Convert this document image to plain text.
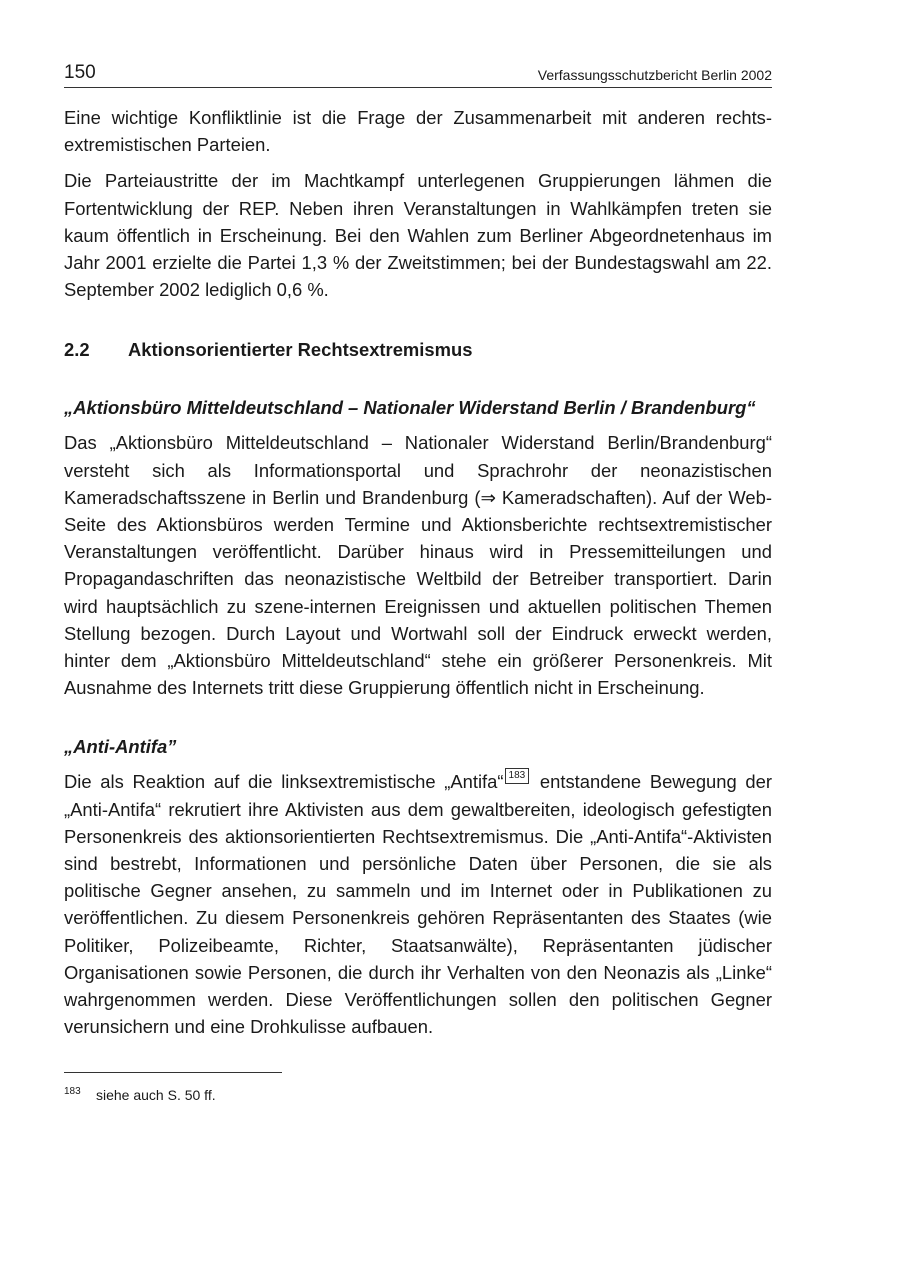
150	Verfassungsschutzbericht Berlin 2002

Eine wichtige Konfliktlinie ist die Frage der Zusammenarbeit mit anderen rechtsextremistischen Parteien.

Die Parteiaustritte der im Machtkampf unterlegenen Gruppierungen lähmen die Fortentwicklung der REP. Neben ihren Veranstaltungen in Wahlkämpfen treten sie kaum öffentlich in Erscheinung. Bei den Wahlen zum Berliner Abgeordnetenhaus im Jahr 2001 erzielte die Partei 1,3 % der Zweitstimmen; bei der Bundestagswahl am 22. September 2002 lediglich 0,6 %.

2.2	Aktionsorientierter Rechtsextremismus
„Aktionsbüro Mitteldeutschland – Nationaler Widerstand Berlin / Brandenburg“

Das „Aktionsbüro Mitteldeutschland – Nationaler Widerstand Berlin/Brandenburg“ versteht sich als Informationsportal und Sprachrohr der neonazistischen Kameradschaftsszene in Berlin und Brandenburg (⇒ Kameradschaften). Auf der Web-Seite des Aktionsbüros werden Termine und Aktionsberichte rechtsextremistischer Veranstaltungen veröffentlicht. Darüber hinaus wird in Pressemitteilungen und Propagandaschriften das neonazistische Weltbild der Betreiber transportiert. Darin wird hauptsächlich zu szene-internen Ereignissen und aktuellen politischen Themen Stellung bezogen. Durch Layout und Wortwahl soll der Eindruck erweckt werden, hinter dem „Aktionsbüro Mitteldeutschland“ stehe ein größerer Personenkreis. Mit Ausnahme des Internets tritt diese Gruppierung öffentlich nicht in Erscheinung.

„Anti-Antifa”

Die als Reaktion auf die linksextremistische „Antifa“ 183 entstandene Bewegung der „Anti-Antifa“ rekrutiert ihre Aktivisten aus dem gewaltbereiten, ideologisch gefestigten Personenkreis des aktionsorientierten Rechtsextremismus. Die „Anti-Antifa“-Aktivisten sind bestrebt, Informationen und persönliche Daten über Personen, die sie als politische Gegner ansehen, zu sammeln und im Internet oder in Publikationen zu veröffentlichen. Zu diesem Personenkreis gehören Repräsentanten des Staates (wie Politiker, Polizeibeamte, Richter, Staatsanwälte), Repräsentanten jüdischer Organisationen sowie Personen, die durch ihr Verhalten von den Neonazis als „Linke“ wahrgenommen werden. Diese Veröffentlichungen sollen den politischen Gegner verunsichern und eine Drohkulisse aufbauen.

183	siehe auch S. 50 ff.
